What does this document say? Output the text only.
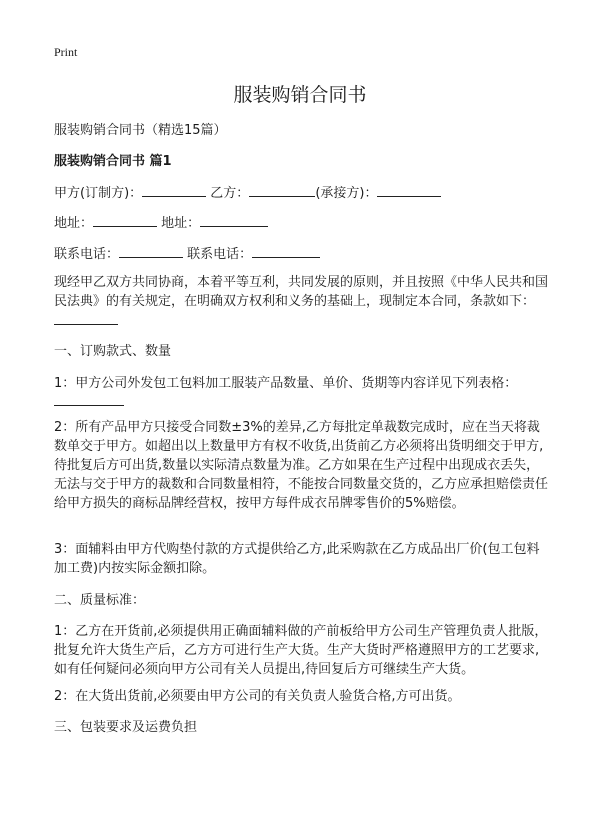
Print
服装购销合同书
服装购销合同书（精选15篇）
服装购销合同书 篇1
甲方(订制方)：	乙方：	(承接方)：
地址：	地址：
联系电话：	联系电话：
现经甲乙双方共同协商，本着平等互利，共同发展的原则，并且按照《中华人民共和国民法典》的有关规定，在明确双方权利和义务的基础上，现制定本合同，条款如下：
一、订购款式、数量
1：甲方公司外发包工包料加工服装产品数量、单价、货期等内容详见下列表格：
2：所有产品甲方只接受合同数±3%的差异,乙方每批定单裁数完成时，应在当天将裁数单交于甲方。如超出以上数量甲方有权不收货,出货前乙方必须将出货明细交于甲方,待批复后方可出货,数量以实际清点数量为准。乙方如果在生产过程中出现成衣丢失，无法与交于甲方的裁数和合同数量相符，不能按合同数量交货的，乙方应承担赔偿责任给甲方损失的商标品牌经营权，按甲方每件成衣吊牌零售价的5%赔偿。
3：面辅料由甲方代购垫付款的方式提供给乙方,此采购款在乙方成品出厂价(包工包料加工费)内按实际金额扣除。
二、质量标准：
1：乙方在开货前,必须提供用正确面辅料做的产前板给甲方公司生产管理负责人批版，批复允许大货生产后，乙方方可进行生产大货。生产大货时严格遵照甲方的工艺要求,如有任何疑问必须向甲方公司有关人员提出,待回复后方可继续生产大货。
2：在大货出货前,必须要由甲方公司的有关负责人验货合格,方可出货。
三、包装要求及运费负担
